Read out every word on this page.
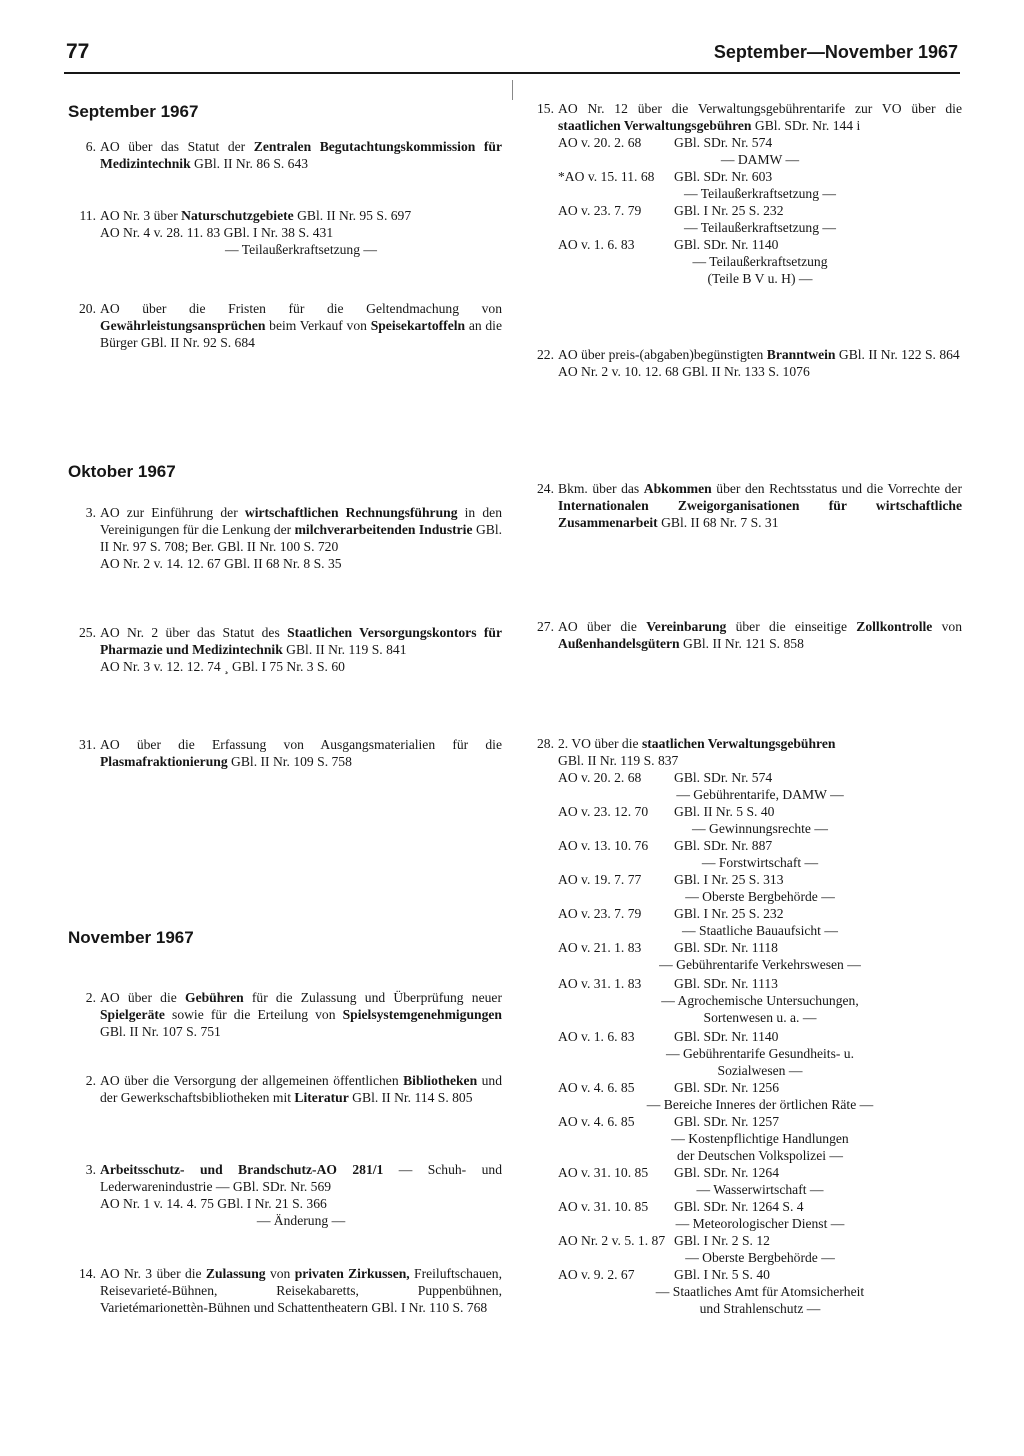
77	September—November 1967
September 1967
Oktober 1967
November 1967
6. AO über das Statut der Zentralen Begutachtungskommission für Medizintechnik GBl. II Nr. 86 S. 643
11. AO Nr. 3 über Naturschutzgebiete GBl. II Nr. 95 S. 697
AO Nr. 4 v. 28. 11. 83 GBl. I Nr. 38 S. 431
— Teilaußerkraftsetzung —
20. AO über die Fristen für die Geltendmachung von Gewährleistungsansprüchen beim Verkauf von Speisekartoffeln an die Bürger GBl. II Nr. 92 S. 684
3. AO zur Einführung der wirtschaftlichen Rechnungsführung in den Vereinigungen für die Lenkung der milchverarbeitenden Industrie GBl. II Nr. 97 S. 708; Ber. GBl. II Nr. 100 S. 720
AO Nr. 2 v. 14. 12. 67 GBl. II 68 Nr. 8 S. 35
25. AO Nr. 2 über das Statut des Staatlichen Versorgungskontors für Pharmazie und Medizintechnik GBl. II Nr. 119 S. 841
AO Nr. 3 v. 12. 12. 74 ¸ GBl. I 75 Nr. 3 S. 60
31. AO über die Erfassung von Ausgangsmaterialien für die Plasmafraktionierung GBl. II Nr. 109 S. 758
2. AO über die Gebühren für die Zulassung und Überprüfung neuer Spielgeräte sowie für die Erteilung von Spielsystemgenehmigungen GBl. II Nr. 107 S. 751
2. AO über die Versorgung der allgemeinen öffentlichen Bibliotheken und der Gewerkschaftsbibliotheken mit Literatur GBl. II Nr. 114 S. 805
3. Arbeitsschutz- und Brandschutz-AO 281/1 — Schuh- und Lederwarenindustrie — GBl. SDr. Nr. 569
AO Nr. 1 v. 14. 4. 75 GBl. I Nr. 21 S. 366
— Änderung —
14. AO Nr. 3 über die Zulassung von privaten Zirkussen, Freiluftschauen, Reisevarieté-Bühnen, Reisekabaretts, Puppenbühnen, Varietémarionettèn-Bühnen und Schattentheatern GBl. I Nr. 110 S. 768
15. AO Nr. 12 über die Verwaltungsgebührentarife zur VO über die staatlichen Verwaltungsgebühren GBl. SDr. Nr. 144 i
AO v. 20. 2. 68 GBl. SDr. Nr. 574
— DAMW —
*AO v. 15. 11. 68 GBl. SDr. Nr. 603
— Teilaußerkraftsetzung —
AO v. 23. 7. 79 GBl. I Nr. 25 S. 232
— Teilaußerkraftsetzung —
AO v. 1. 6. 83	GBl. SDr. Nr. 1140
— Teilaußerkraftsetzung
(Teile B V u. H) —
22. AO über preis-(abgaben)begünstigten Branntwein GBl. II Nr. 122 S. 864
AO Nr. 2 v. 10. 12. 68 GBl. II Nr. 133 S. 1076
24. Bkm. über das Abkommen über den Rechtsstatus und die Vorrechte der Internationalen Zweigorganisationen für wirtschaftliche Zusammenarbeit GBl. II 68 Nr. 7 S. 31
27. AO über die Vereinbarung über die einseitige Zollkontrolle von Außenhandelsgütern GBl. II Nr. 121 S. 858
28. 2. VO über die staatlichen Verwaltungsgebühren
GBl. II Nr. 119 S. 837
AO v. 20. 2. 68 GBl. SDr. Nr. 574
— Gebührentarife, DAMW —
AO v. 23. 12. 70 GBl. II Nr. 5 S. 40
— Gewinnungsrechte —
AO v. 13. 10. 76 GBl. SDr. Nr. 887
— Forstwirtschaft —
AO v. 19. 7. 77 GBl. I Nr. 25 S. 313
— Oberste Bergbehörde —
AO v. 23. 7. 79 GBl. I Nr. 25 S. 232
— Staatliche Bauaufsicht —
AO v. 21. 1. 83 GBl. SDr. Nr. 1118
— Gebührentarife Verkehrswesen —
AO v. 31. 1. 83 GBl. SDr. Nr. 1113
— Agrochemische Untersuchungen,
Sortenwesen u. a. —
AO v. 1. 6. 83	GBl. SDr. Nr. 1140
— Gebührentarife Gesundheits- u.
Sozialwesen —
AO v. 4. 6. 85	GBl. SDr. Nr. 1256
— Bereiche Inneres der örtlichen Räte —
AO v. 4. 6. 85	GBl. SDr. Nr. 1257
— Kostenpflichtige Handlungen
der Deutschen Volkspolizei —
AO v. 31. 10. 85 GBl. SDr. Nr. 1264
— Wasserwirtschaft —
AO v. 31. 10. 85 GBl. SDr. Nr. 1264 S. 4
— Meteorologischer Dienst —
AO Nr. 2 v. 5. 1. 87 GBl. I Nr. 2 S. 12
— Oberste Bergbehörde —
AO v. 9. 2. 67	GBl. I Nr. 5 S. 40
— Staatliches Amt für Atomsicherheit
und Strahlenschutz —
